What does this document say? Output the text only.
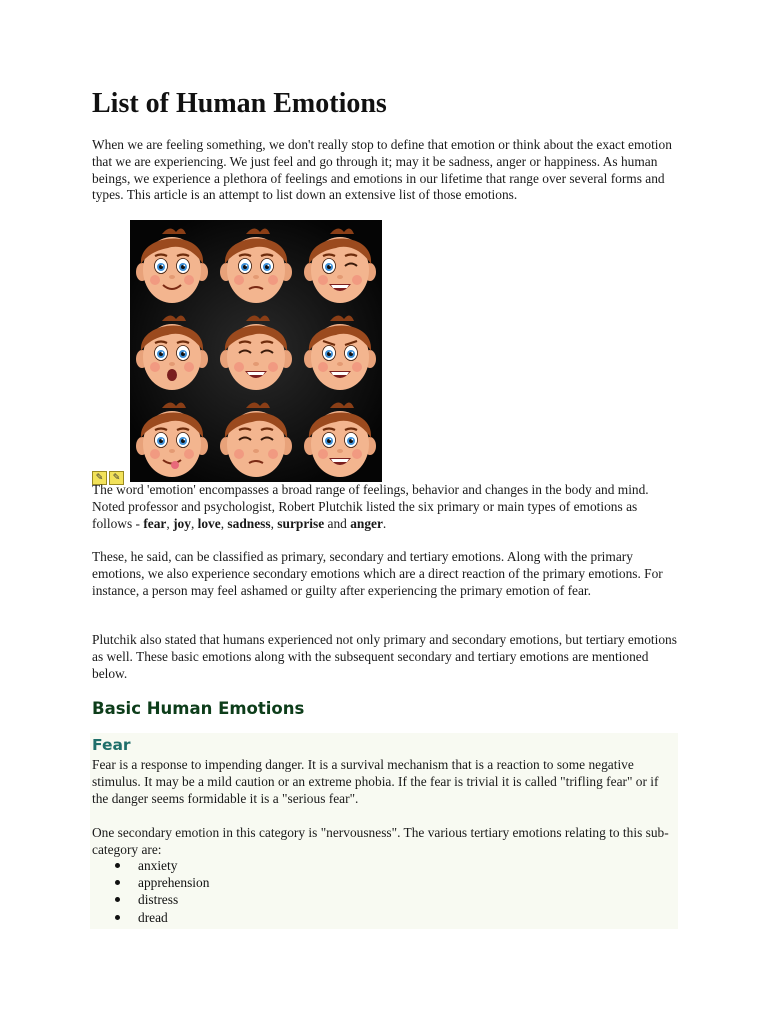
List of Human Emotions

When we are feeling something, we don't really stop to define that emotion or think about the exact emotion that we are experiencing. We just feel and go through it; may it be sadness, anger or happiness. As human beings, we experience a plethora of feelings and emotions in our lifetime that range over several forms and types. This article is an attempt to list down an extensive list of those emotions.

✎ ✎

The word 'emotion' encompasses a broad range of feelings, behavior and changes in the body and mind. Noted professor and psychologist, Robert Plutchik listed the six primary or main types of emotions as follows - fear, joy, love, sadness, surprise and anger.

These, he said, can be classified as primary, secondary and tertiary emotions. Along with the primary emotions, we also experience secondary emotions which are a direct reaction of the primary emotions. For instance, a person may feel ashamed or guilty after experiencing the primary emotion of fear.

Plutchik also stated that humans experienced not only primary and secondary emotions, but tertiary emotions as well. These basic emotions along with the subsequent secondary and tertiary emotions are mentioned below.

Basic Human Emotions
Fear

Fear is a response to impending danger. It is a survival mechanism that is a reaction to some negative stimulus. It may be a mild caution or an extreme phobia. If the fear is trivial it is called "trifling fear" or if the danger seems formidable it is a "serious fear".

One secondary emotion in this category is "nervousness". The various tertiary emotions relating to this sub-category are:

anxiety
apprehension
distress
dread
